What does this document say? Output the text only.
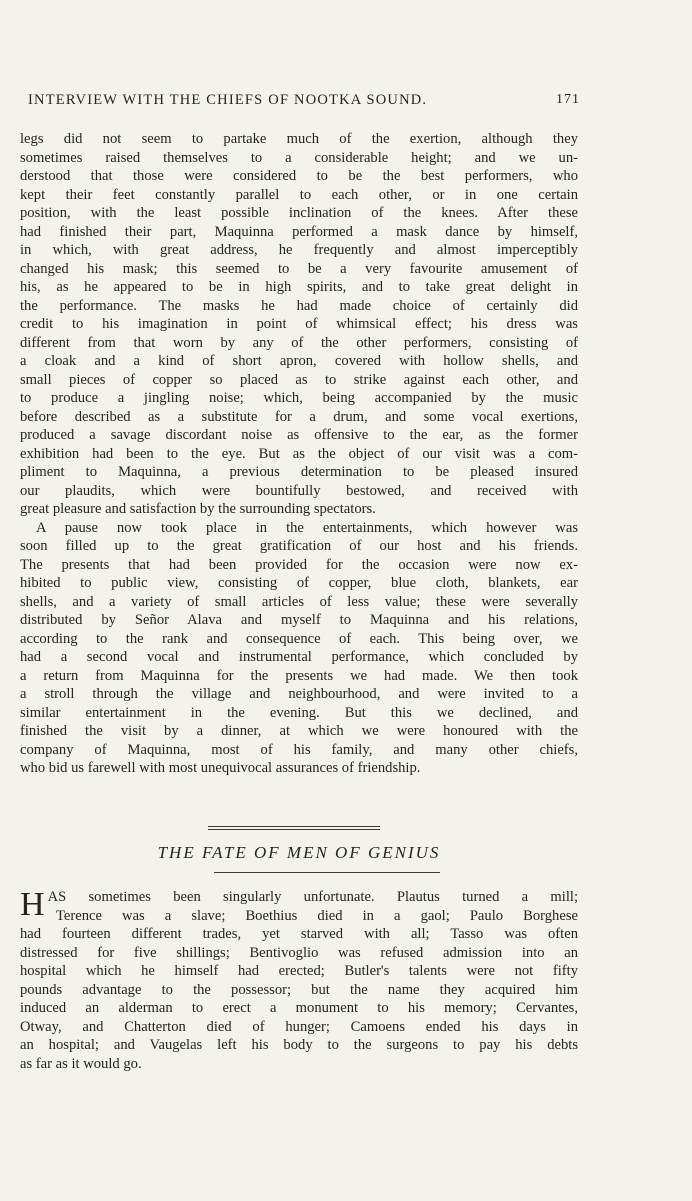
INTERVIEW WITH THE CHIEFS OF NOOTKA SOUND.	171
legs did not seem to partake much of the exertion, although they
sometimes raised themselves to a considerable height; and we un-
derstood that those were considered to be the best performers, who
kept their feet constantly parallel to each other, or in one certain
position, with the least possible inclination of the knees. After these
had finished their part, Maquinna performed a mask dance by himself,
in which, with great address, he frequently and almost imperceptibly
changed his mask; this seemed to be a very favourite amusement of
his, as he appeared to be in high spirits, and to take great delight in
the performance. The masks he had made choice of certainly did
credit to his imagination in point of whimsical effect; his dress was
different from that worn by any of the other performers, consisting of
a cloak and a kind of short apron, covered with hollow shells, and
small pieces of copper so placed as to strike against each other, and
to produce a jingling noise; which, being accompanied by the music
before described as a substitute for a drum, and some vocal exertions,
produced a savage discordant noise as offensive to the ear, as the former
exhibition had been to the eye. But as the object of our visit was a com-
pliment to Maquinna, a previous determination to be pleased insured
our plaudits, which were bountifully bestowed, and received with
great pleasure and satisfaction by the surrounding spectators.
A pause now took place in the entertainments, which however was
soon filled up to the great gratification of our host and his friends.
The presents that had been provided for the occasion were now ex-
hibited to public view, consisting of copper, blue cloth, blankets, ear
shells, and a variety of small articles of less value; these were severally
distributed by Señor Alava and myself to Maquinna and his relations,
according to the rank and consequence of each. This being over, we
had a second vocal and instrumental performance, which concluded by
a return from Maquinna for the presents we had made. We then took
a stroll through the village and neighbourhood, and were invited to a
similar entertainment in the evening. But this we declined, and
finished the visit by a dinner, at which we were honoured with the
company of Maquinna, most of his family, and many other chiefs,
who bid us farewell with most unequivocal assurances of friendship.
THE FATE OF MEN OF GENIUS
H AS sometimes been singularly unfortunate. Plautus turned a mill;
Terence was a slave; Boethius died in a gaol; Paulo Borghese
had fourteen different trades, yet starved with all; Tasso was often
distressed for five shillings; Bentivoglio was refused admission into an
hospital which he himself had erected; Butler's talents were not fifty
pounds advantage to the possessor; but the name they acquired him
induced an alderman to erect a monument to his memory; Cervantes,
Otway, and Chatterton died of hunger; Camoens ended his days in
an hospital; and Vaugelas left his body to the surgeons to pay his debts
as far as it would go.
